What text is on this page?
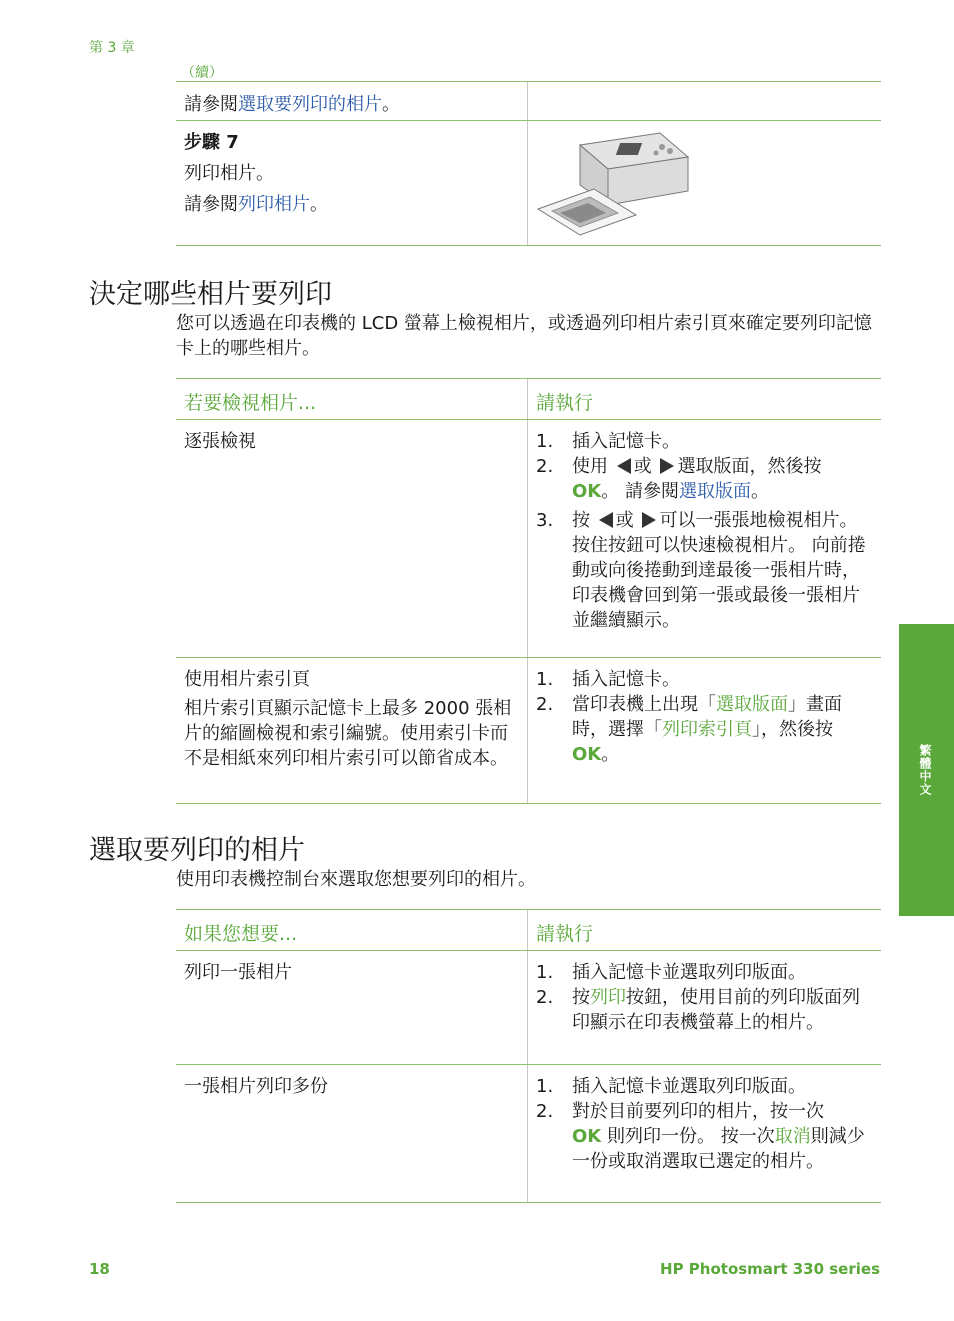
第 3 章
（續）
請參閱選取要列印的相片。
步驟 7
列印相片。
請參閱列印相片。
決定哪些相片要列印

您可以透過在印表機的 LCD 螢幕上檢視相片，或透過列印相片索引頁來確定要列印記憶卡上的哪些相片。

若要檢視相片...	請執行
逐張檢視	1.	插入記憶卡。
2.	使用 或 選取版面，然後按
OK。 請參閱選取版面。
3.	按 或 可以一張張地檢視相片。 按住按鈕可以快速檢視相片。 向前捲動或向後捲動到達最後一張相片時，印表機會回到第一張或最後一張相片並繼續顯示。
使用相片索引頁
相片索引頁顯示記憶卡上最多 2000 張相片的縮圖檢視和索引編號。使用索引卡而不是相紙來列印相片索引可以節省成本。
1.	插入記憶卡。
2.	當印表機上出現「選取版面」畫面時，選擇「列印索引頁」，然後按 OK。
選取要列印的相片

使用印表機控制台來選取您想要列印的相片。

如果您想要...	請執行
列印一張相片	1.	插入記憶卡並選取列印版面。
2.	按列印按鈕，使用目前的列印版面列印顯示在印表機螢幕上的相片。
一張相片列印多份	1.	插入記憶卡並選取列印版面。
2.	對於目前要列印的相片，按一次
OK 則列印一份。 按一次取消則減少一份或取消選取已選定的相片。
繁體中文
18	HP Photosmart 330 series
